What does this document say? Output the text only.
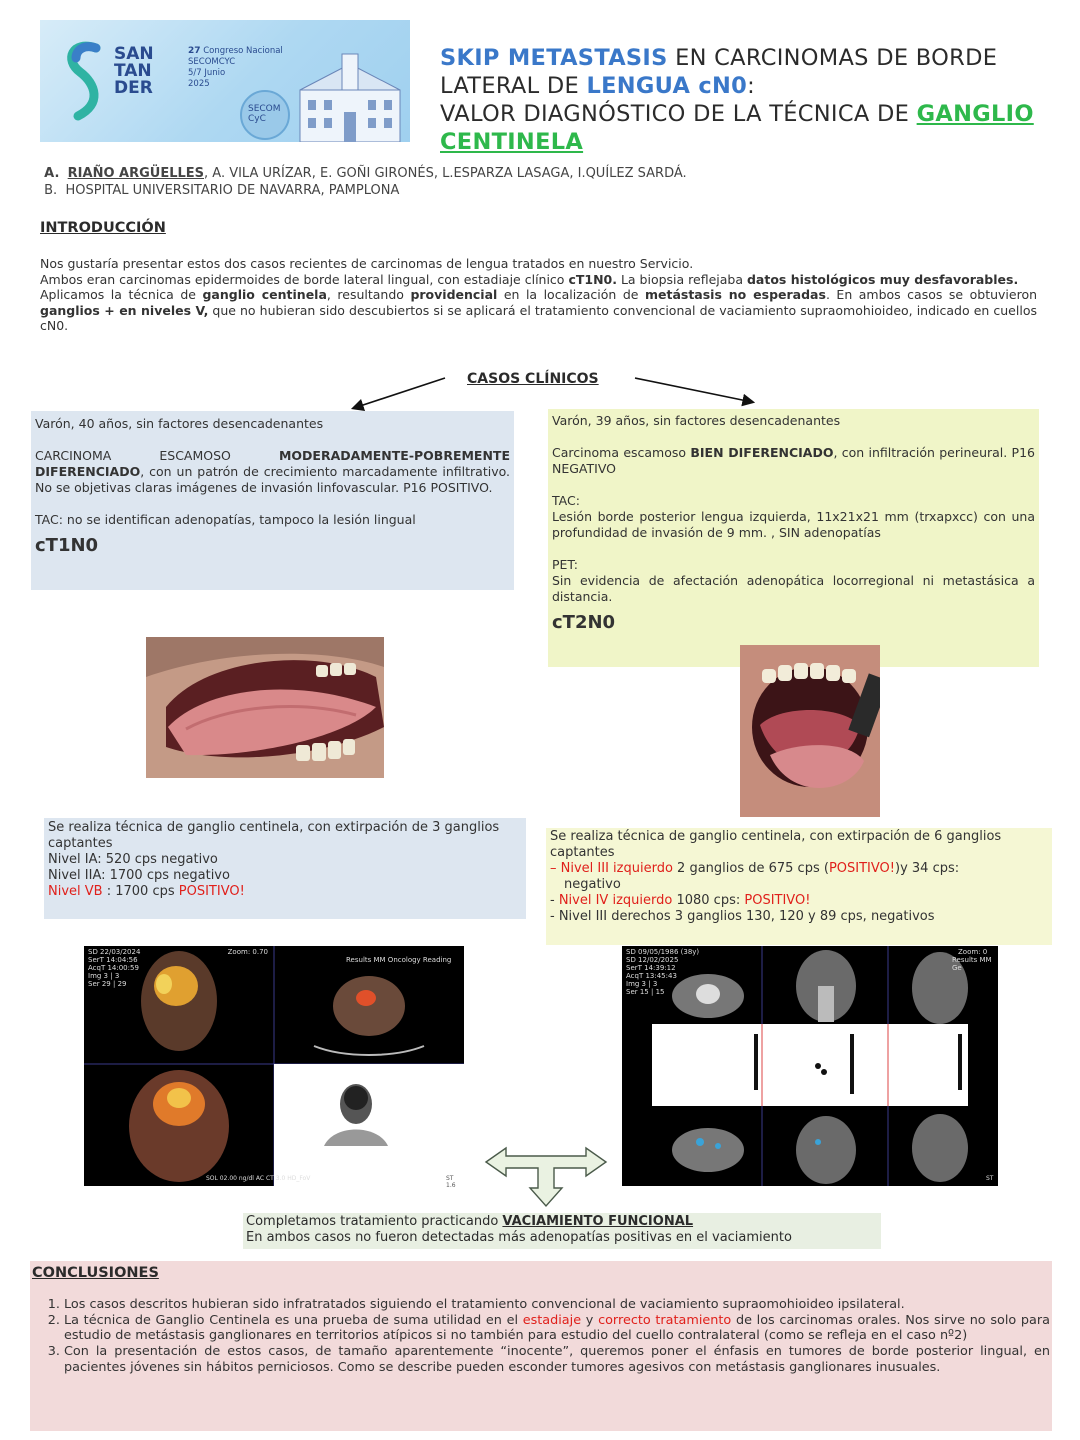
SAN
TAN
DER
27 Congreso Nacional
SECOMCYC
5/7 Junio
2025
SECOM CyC
SKIP METASTASIS EN CARCINOMAS DE BORDE LATERAL DE LENGUA cN0:
VALOR DIAGNÓSTICO DE LA TÉCNICA DE GANGLIO CENTINELA
A. RIAÑO ARGÜELLES, A. VILA URÍZAR, E. GOÑI GIRONÉS, L.ESPARZA LASAGA, I.QUÍLEZ SARDÁ.
B. HOSPITAL UNIVERSITARIO DE NAVARRA, PAMPLONA
INTRODUCCIÓN

Nos gustaría presentar estos dos casos recientes de carcinomas de lengua tratados en nuestro Servicio.

Ambos eran carcinomas epidermoides de borde lateral lingual, con estadiaje clínico cT1N0. La biopsia reflejaba datos histológicos muy desfavorables.

Aplicamos la técnica de ganglio centinela, resultando providencial en la localización de metástasis no esperadas. En ambos casos se obtuvieron ganglios + en niveles V, que no hubieran sido descubiertos si se aplicará el tratamiento convencional de vaciamiento supraomohioideo, indicado en cuellos cN0.

CASOS CLÍNICOS

Varón, 40 años, sin factores desencadenantes

CARCINOMA ESCAMOSO MODERADAMENTE-POBREMENTE DIFERENCIADO, con un patrón de crecimiento marcadamente infiltrativo. No se objetivas claras imágenes de invasión linfovascular. P16 POSITIVO.

TAC: no se identifican adenopatías, tampoco la lesión lingual

cT1N0

Varón, 39 años, sin factores desencadenantes

Carcinoma escamoso BIEN DIFERENCIADO, con infiltración perineural. P16 NEGATIVO

TAC:

Lesión borde posterior lengua izquierda, 11x21x21 mm (trxapxcc) con una profundidad de invasión de 9 mm. , SIN adenopatías

PET:

Sin evidencia de afectación adenopática locorregional ni metastásica a distancia.

cT2N0

Se realiza técnica de ganglio centinela, con extirpación de 3 ganglios captantes

Nivel IA: 520 cps negativo

Nivel IIA: 1700 cps negativo

Nivel VB : 1700 cps POSITIVO!

Se realiza técnica de ganglio centinela, con extirpación de 6 ganglios captantes

– Nivel III izquierdo 2 ganglios de 675 cps (POSITIVO!)y 34 cps:

negativo

- Nivel IV izquierdo 1080 cps: POSITIVO!

- Nivel III derechos 3 ganglios 130, 120 y 89 cps, negativos

SD 22/03/2024
SerT 14:04:56
AcqT 14:00:59
Img 3 | 3
Ser 29 | 29
Zoom: 0.70
Results MM Oncology Reading
SOL 02.00 ng/dl AC CT 3.0 HD_FoV	ST 1.6
SD 09/05/1986 (38y)
SD 12/02/2025
SerT 14:39:12
AcqT 13:45:43
Img 3 | 3
Ser 15 | 15
Zoom: 0
Results MM Ge
ST
Completamos tratamiento practicando VACIAMIENTO FUNCIONAL
En ambos casos no fueron detectadas más adenopatías positivas en el vaciamiento
CONCLUSIONES
1. Los casos descritos hubieran sido infratratados siguiendo el tratamiento convencional de vaciamiento supraomohioideo ipsilateral.
2. La técnica de Ganglio Centinela es una prueba de suma utilidad en el estadiaje y correcto tratamiento de los carcinomas orales. Nos sirve no solo para estudio de metástasis ganglionares en territorios atípicos si no también para estudio del cuello contralateral (como se refleja en el caso nº2)
3. Con la presentación de estos casos, de tamaño aparentemente “inocente”, queremos poner el énfasis en tumores de borde posterior lingual, en pacientes jóvenes sin hábitos perniciosos. Como se describe pueden esconder tumores agesivos con metástasis ganglionares inusuales.
